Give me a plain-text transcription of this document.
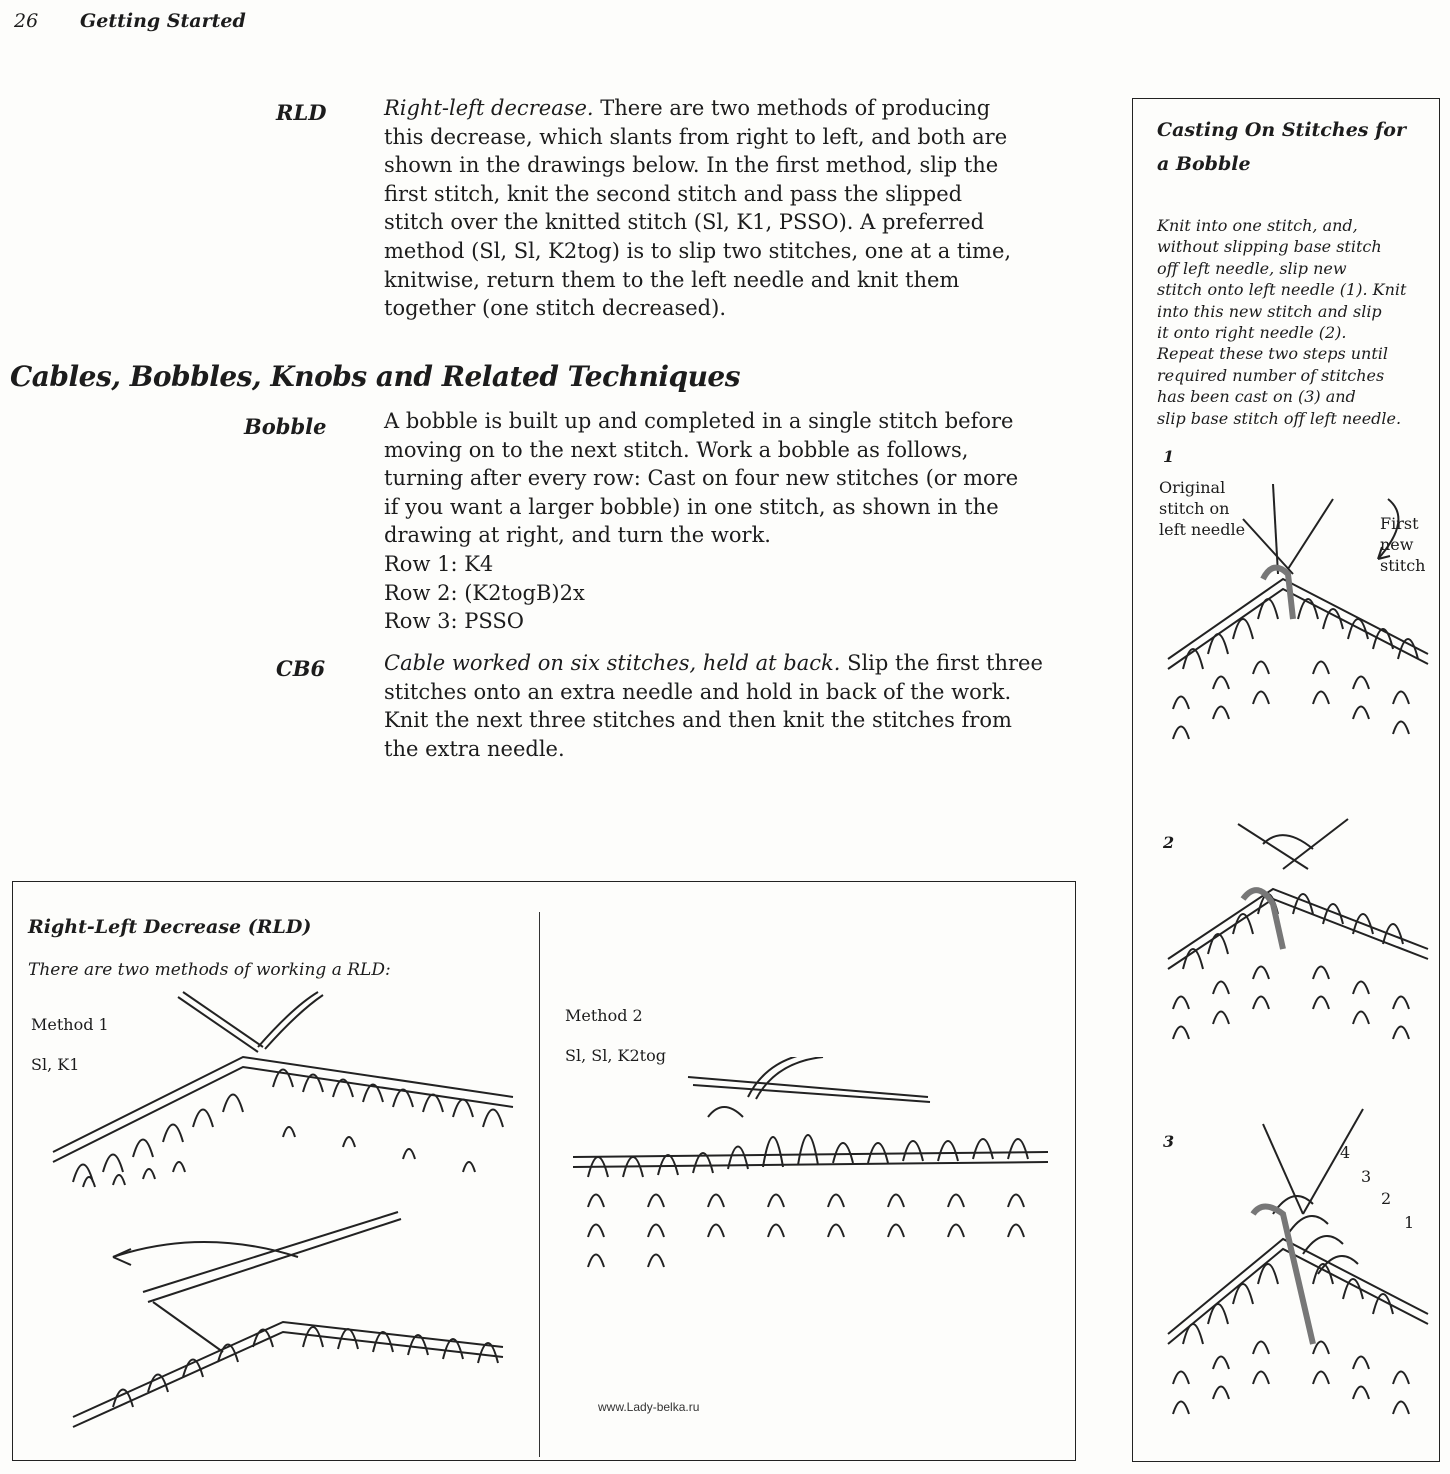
26 Getting Started
RLD	Right-left decrease. There are two methods of producing

this decrease, which slants from right to left, and both are

shown in the drawings below. In the first method, slip the

first stitch, knit the second stitch and pass the slipped

stitch over the knitted stitch (Sl, K1, PSSO). A preferred

method (Sl, Sl, K2tog) is to slip two stitches, one at a time,

knitwise, return them to the left needle and knit them

together (one stitch decreased).

Cables, Bobbles, Knobs and Related Techniques
Bobble	A bobble is built up and completed in a single stitch before

moving on to the next stitch. Work a bobble as follows,

turning after every row: Cast on four new stitches (or more

if you want a larger bobble) in one stitch, as shown in the

drawing at right, and turn the work.

Row 1: K4

Row 2: (K2togB)2x

Row 3: PSSO

CB6	Cable worked on six stitches, held at back. Slip the first three

stitches onto an extra needle and hold in back of the work.

Knit the next three stitches and then knit the stitches from

the extra needle.

Right-Left Decrease (RLD)
There are two methods of working a RLD:
Method 1
Sl, K1
Method 2
Sl, Sl, K2tog
www.Lady-belka.ru
Casting On Stitches for
a Bobble
Knit into one stitch, and,
without slipping base stitch
off left needle, slip new
stitch onto left needle (1). Knit
into this new stitch and slip
it onto right needle (2).
Repeat these two steps until
required number of stitches
has been cast on (3) and
slip base stitch off left needle.
1
Original
stitch on
left needle	First
new
stitch
2
3
4
3
2
1
